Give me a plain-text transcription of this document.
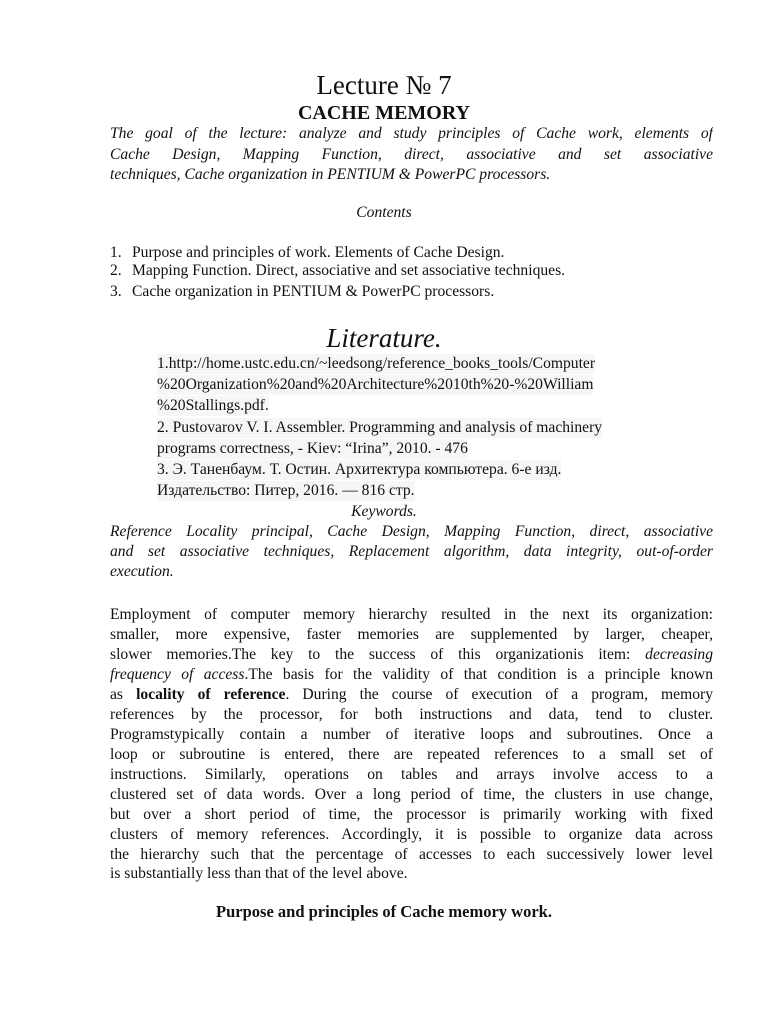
Lecture № 7
CACHE MEMORY
The goal of the lecture: analyze and study principles of Cache work, elements of
Cache Design, Mapping Function, direct, associative and set associative
techniques, Cache organization in PENTIUM & PowerPC processors.
Contents
1. Purpose and principles of work. Elements of Cache Design.
2. Mapping Function. Direct, associative and set associative techniques.
3. Cache organization in PENTIUM & PowerPC processors.
Literature.
1.http://home.ustc.edu.cn/~leedsong/reference_books_tools/Computer
%20Organization%20and%20Architecture%2010th%20-%20William
%20Stallings.pdf.
2. Pustovarov V. I. Assembler. Programming and analysis of machinery
programs correctness, - Kiev: “Irina”, 2010. - 476
3. Э. Таненбаум. Т. Остин. Архитектура компьютера. 6-е изд.
Издательство: Питер, 2016. — 816 стр.
Keywords.
Reference Locality principal, Cache Design, Mapping Function, direct, associative
and set associative techniques, Replacement algorithm, data integrity, out-of-order
execution.
Employment of computer memory hierarchy resulted in the next its organization:
smaller, more expensive, faster memories are supplemented by larger, cheaper,
slower memories.The key to the success of this organizationis item: decreasing
frequency of access.The basis for the validity of that condition is a principle known
as locality of reference. During the course of execution of a program, memory
references by the processor, for both instructions and data, tend to cluster.
Programstypically contain a number of iterative loops and subroutines. Once a
loop or subroutine is entered, there are repeated references to a small set of
instructions. Similarly, operations on tables and arrays involve access to a
clustered set of data words. Over a long period of time, the clusters in use change,
but over a short period of time, the processor is primarily working with fixed
clusters of memory references. Accordingly, it is possible to organize data across
the hierarchy such that the percentage of accesses to each successively lower level
is substantially less than that of the level above.
Purpose and principles of Cache memory work.
